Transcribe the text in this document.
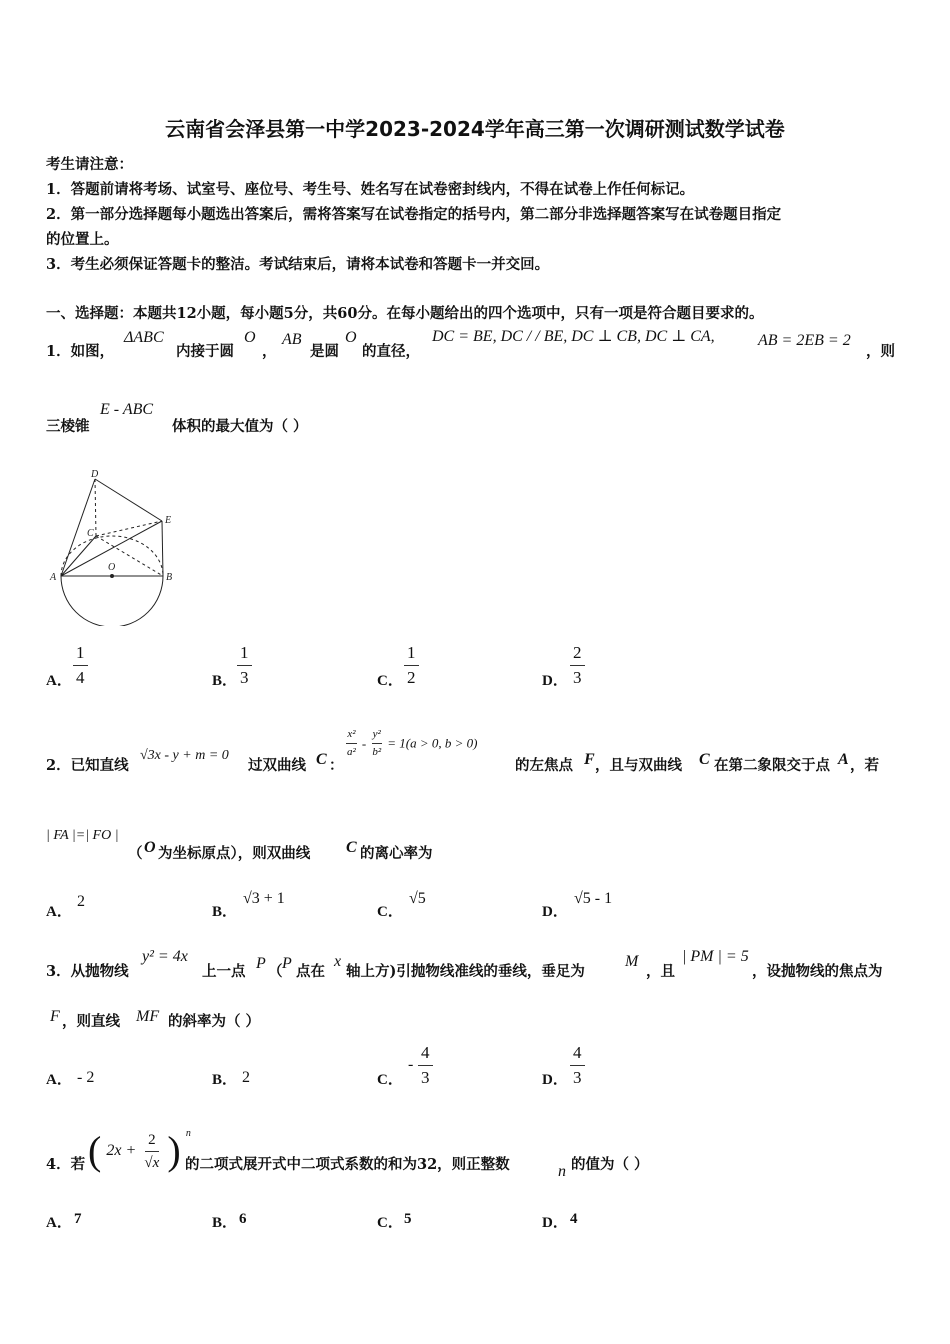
云南省会泽县第一中学2023-2024学年高三第一次调研测试数学试卷
考生请注意：
1．答题前请将考场、试室号、座位号、考生号、姓名写在试卷密封线内，不得在试卷上作任何标记。
2．第一部分选择题每小题选出答案后，需将答案写在试卷指定的括号内，第二部分非选择题答案写在试卷题目指定
的位置上。
3．考生必须保证答题卡的整洁。考试结束后，请将本试卷和答题卡一并交回。
一、选择题：本题共12小题，每小题5分，共60分。在每小题给出的四个选项中，只有一项是符合题目要求的。
1．如图，
ΔABC
内接于圆
O
，
AB
是圆
O
的直径，
DC = BE, DC / / BE, DC ⊥ CB, DC ⊥ CA,	AB = 2EB = 2
，则
三棱锥
E - ABC
体积的最大值为（ ）
D
E
C
A
O
B
A． $\frac{1}{4}$	B． $\frac{1}{3}$	C． $\frac{1}{2}$	D． $\frac{2}{3}$
2．已知直线
√3x - y + m = 0
过双曲线 C ：
$\frac{\text{x²}}{\text{a²}} - \frac{\text{y²}}{\text{b²}} = 1(a > 0$, b > 0)
的左焦点 F ，且与双曲线 C 在第二象限交于点 A ，若
| FA |=| FO |
（ O 为坐标原点），则双曲线 C 的离心率为
A．
2
B．
√3 + 1
C．
√5
D．
√5 - 1
3．从抛物线
y² = 4x
上一点 P （ P 点在
x
轴上方)引抛物线准线的垂线，垂足为
M
，且
| PM | = 5
，设抛物线的焦点为
F ，则直线 MF 的斜率为（ ）
A． - 2	B． 2	C．
- $\frac{4}{3}$	D． $\frac{4}{3}$
4．若 ( $2x + \frac{2}{√x}$ ) $^n$
的二项式展开式中二项式系数的和为32，则正整数	n 的值为（ ）
A． 7	B． 6	C． 5	D． 4
